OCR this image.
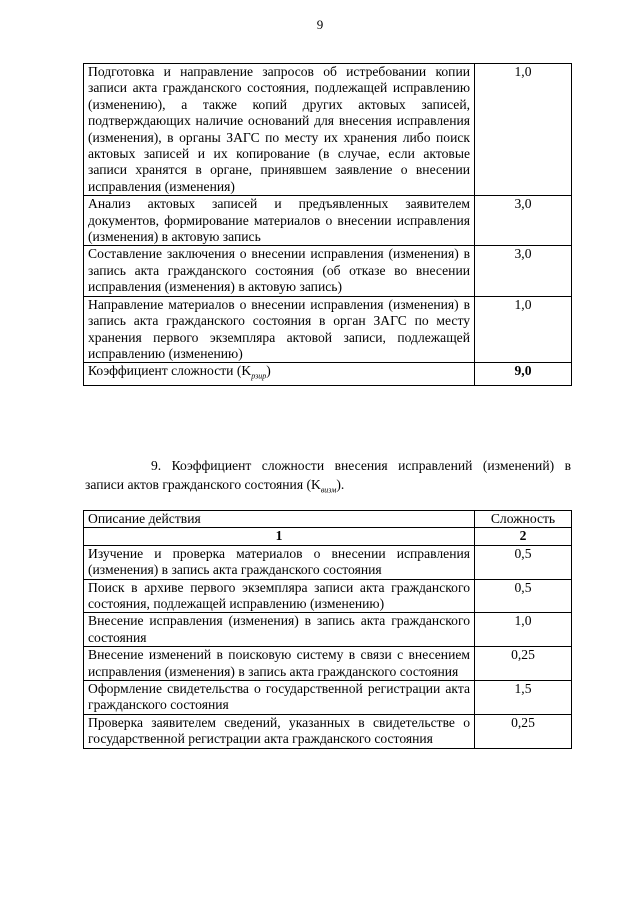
9
Подготовка и направление запросов об истребовании копии записи акта гражданского состояния, подлежащей исправлению (изменению), а также копий других актовых записей, подтверждающих наличие оснований для внесения исправления (изменения), в органы ЗАГС по месту их хранения либо поиск актовых записей и их копирование (в случае, если актовые записи хранятся в органе, принявшем заявление о внесении исправления (изменения)	1,0
Анализ актовых записей и предъявленных заявителем документов, формирование материалов о внесении исправления (изменения) в актовую запись	3,0
Составление заключения о внесении исправления (изменения) в запись акта гражданского состояния (об отказе во внесении исправления (изменения) в актовую запись)	3,0
Направление материалов о внесении исправления (изменения) в запись акта гражданского состояния в орган ЗАГС по месту хранения первого экземпляра актовой записи, подлежащей исправлению (изменению)	1,0
Коэффициент сложности $(K_{рзир})$	9,0
9. Коэффициент сложности внесения исправлений (изменений) в записи актов гражданского состояния $(K_{визм})$.
Описание действия	Сложность
1	2
Изучение и проверка материалов о внесении исправления (изменения) в запись акта гражданского состояния	0,5
Поиск в архиве первого экземпляра записи акта гражданского состояния, подлежащей исправлению (изменению)	0,5
Внесение исправления (изменения) в запись акта гражданского состояния	1,0
Внесение изменений в поисковую систему в связи с внесением исправления (изменения) в запись акта гражданского состояния	0,25
Оформление свидетельства о государственной регистрации акта гражданского состояния	1,5
Проверка заявителем сведений, указанных в свидетельстве о государственной регистрации акта гражданского состояния	0,25
